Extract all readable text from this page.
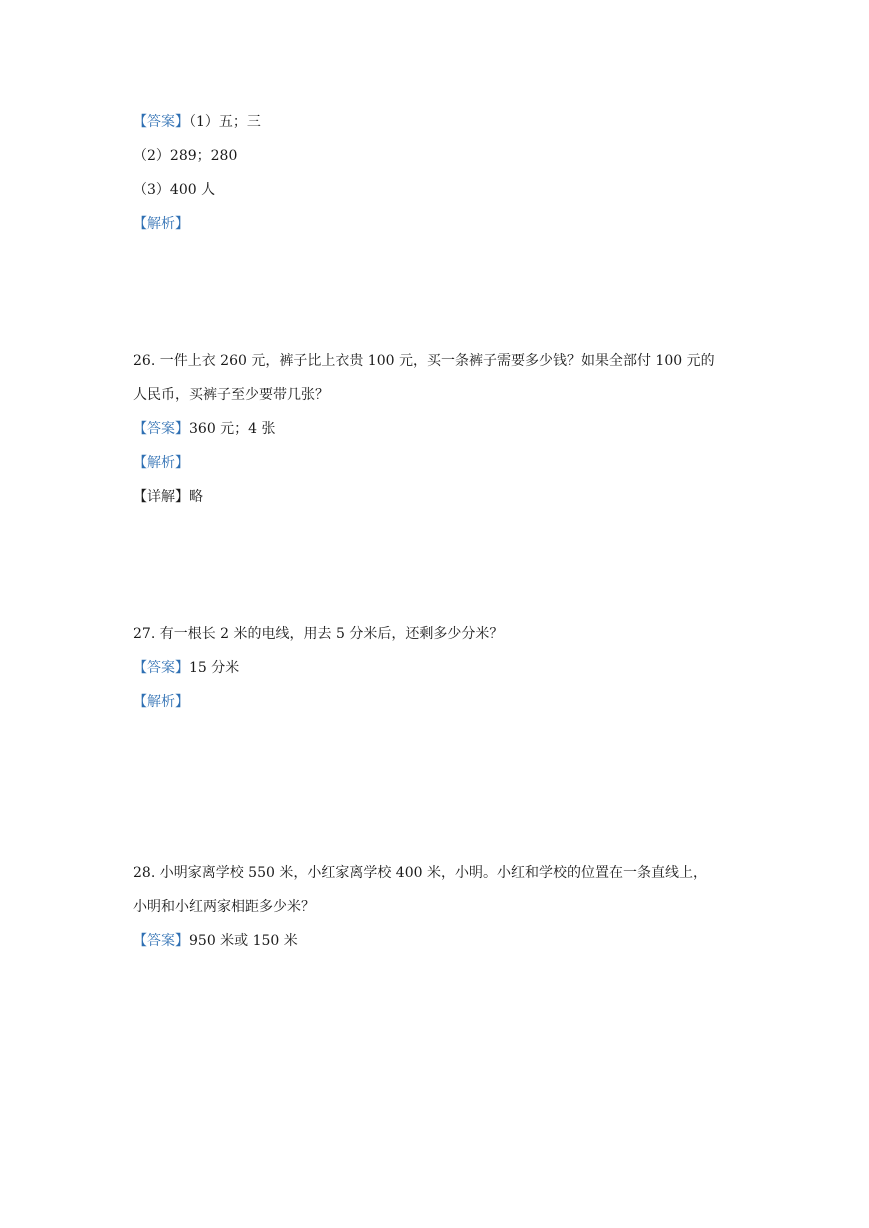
【答案】（1）五；三
（2）289；280
（3）400 人
【解析】
26. 一件上衣 260 元，裤子比上衣贵 100 元，买一条裤子需要多少钱？如果全部付 100 元的
人民币，买裤子至少要带几张？
【答案】360 元；4 张
【解析】
【详解】略
27. 有一根长 2 米的电线，用去 5 分米后，还剩多少分米？
【答案】15 分米
【解析】
28. 小明家离学校 550 米，小红家离学校 400 米，小明。小红和学校的位置在一条直线上，
小明和小红两家相距多少米？
【答案】950 米或 150 米
